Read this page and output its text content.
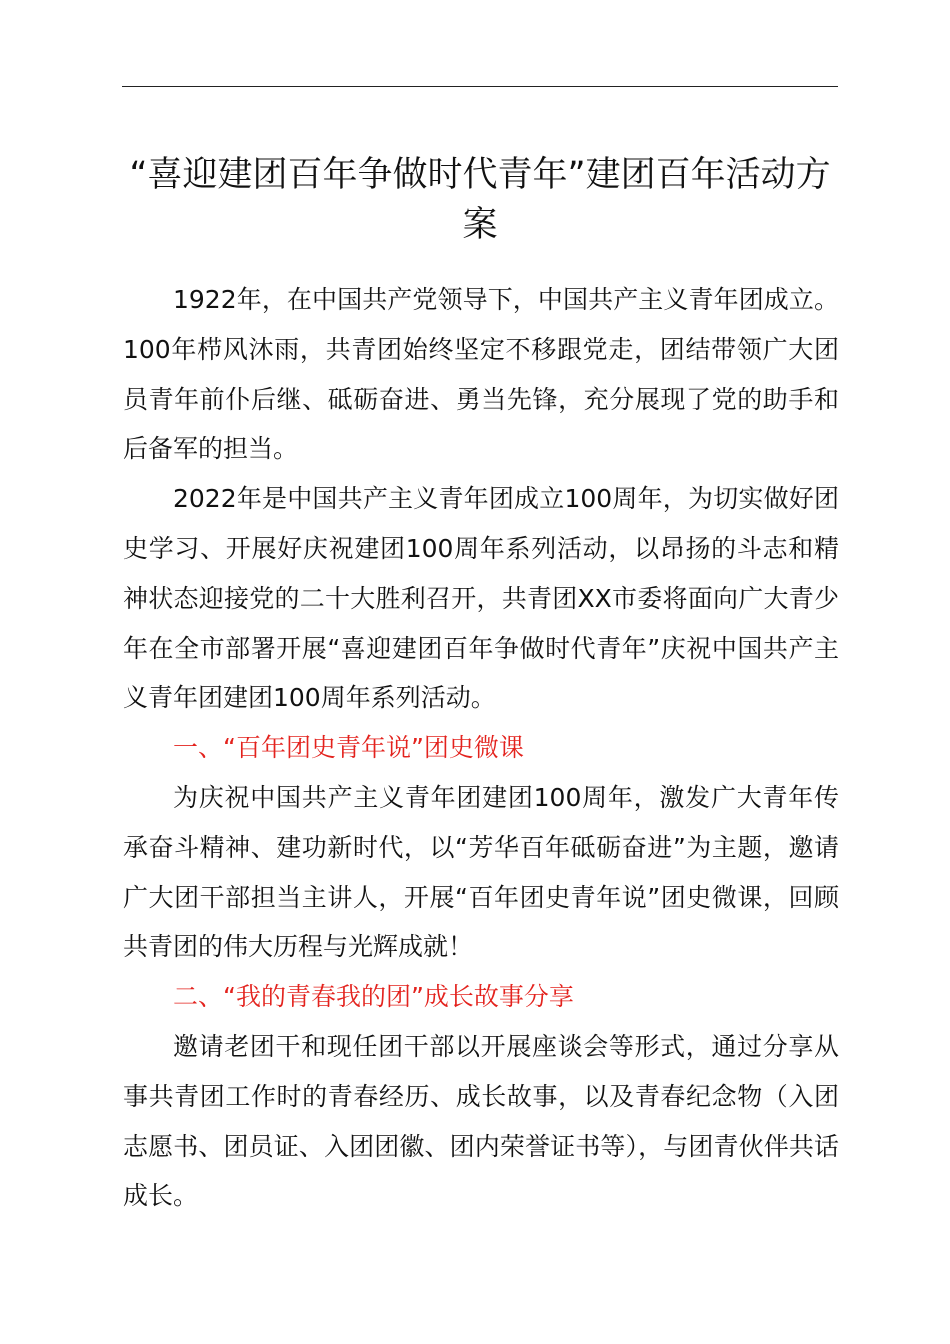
“喜迎建团百年争做时代青年”建团百年活动方案

1922年，在中国共产党领导下，中国共产主义青年团成立。100年栉风沐雨，共青团始终坚定不移跟党走，团结带领广大团员青年前仆后继、砥砺奋进、勇当先锋，充分展现了党的助手和后备军的担当。

2022年是中国共产主义青年团成立100周年，为切实做好团史学习、开展好庆祝建团100周年系列活动，以昂扬的斗志和精神状态迎接党的二十大胜利召开，共青团XX市委将面向广大青少年在全市部署开展“喜迎建团百年争做时代青年”庆祝中国共产主义青年团建团100周年系列活动。

一、“百年团史青年说”团史微课

为庆祝中国共产主义青年团建团100周年，激发广大青年传承奋斗精神、建功新时代，以“芳华百年砥砺奋进”为主题，邀请广大团干部担当主讲人，开展“百年团史青年说”团史微课，回顾共青团的伟大历程与光辉成就！

二、“我的青春我的团”成长故事分享

邀请老团干和现任团干部以开展座谈会等形式，通过分享从事共青团工作时的青春经历、成长故事，以及青春纪念物（入团志愿书、团员证、入团团徽、团内荣誉证书等），与团青伙伴共话成长。
